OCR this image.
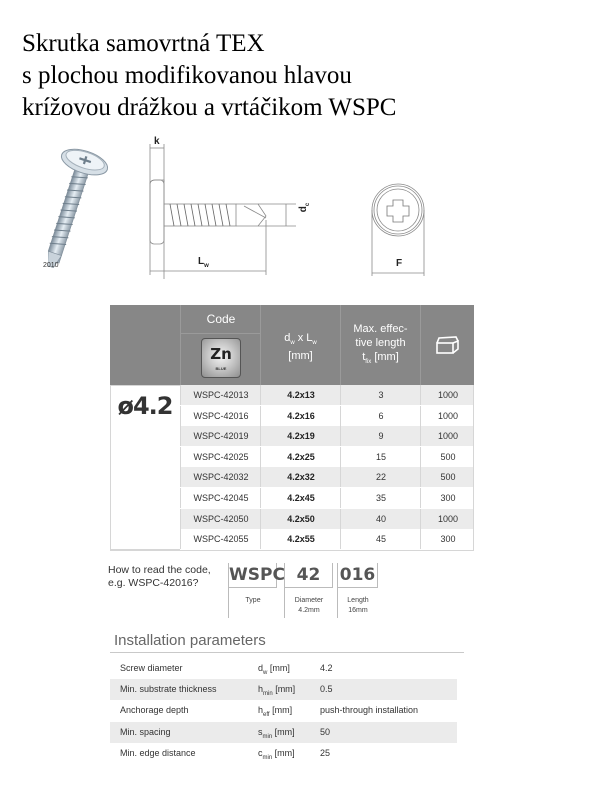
Skrutka samovrtná TEX
s plochou modifikovanou hlavou
krížovou drážkou a vrtáčikom WSPC
2010
k
$d_c$
$L_w$	F
Code
Zn
BLUE
$d_w$ x $L_w$
[mm]
Max. effec-
tive length
$t_{fix}$ [mm]
ø4.2	WSPC-42013	4.2x13	3	1000
WSPC-42016	4.2x16	6	1000
WSPC-42019	4.2x19	9	1000
WSPC-42025	4.2x25	15	500
WSPC-42032	4.2x32	22	500
WSPC-42045	4.2x45	35	300
WSPC-42050	4.2x50	40	1000
WSPC-42055	4.2x55	45	300
How to read the code,
e.g. WSPC-42016?	WSPC
Type
42
Diameter
4.2mm
016
Length
16mm
Installation parameters
Screw diameter	$d_w$ [mm]	4.2
Min. substrate thickness	$h_{min}$ [mm]	0.5
Anchorage depth	$h_{eff}$ [mm]	push-through installation
Min. spacing	$s_{min}$ [mm]	50
Min. edge distance	$c_{min}$ [mm]	25
